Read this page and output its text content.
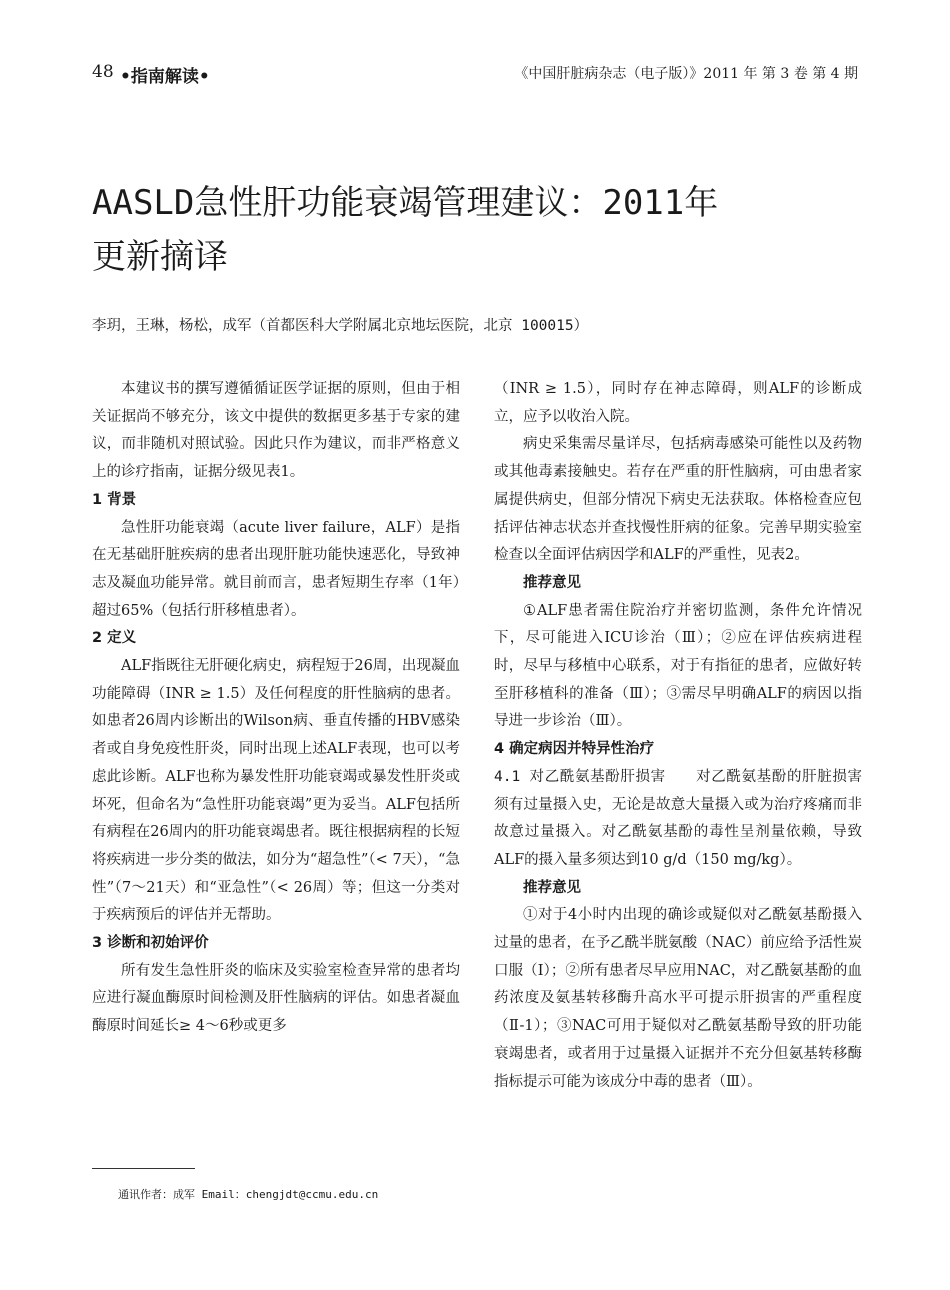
48 •指南解读•	《中国肝脏病杂志（电子版）》2011 年 第 3 卷 第 4 期
AASLD急性肝功能衰竭管理建议：2011年更新摘译
李玥，王琳，杨松，成军（首都医科大学附属北京地坛医院，北京 100015）

本建议书的撰写遵循循证医学证据的原则，但由于相关证据尚不够充分，该文中提供的数据更多基于专家的建议，而非随机对照试验。因此只作为建议，而非严格意义上的诊疗指南，证据分级见表1。

1 背景

急性肝功能衰竭（acute liver failure，ALF）是指在无基础肝脏疾病的患者出现肝脏功能快速恶化，导致神志及凝血功能异常。就目前而言，患者短期生存率（1年）超过65%（包括行肝移植患者）。

2 定义

ALF指既往无肝硬化病史，病程短于26周，出现凝血功能障碍（INR ≥ 1.5）及任何程度的肝性脑病的患者。如患者26周内诊断出的Wilson病、垂直传播的HBV感染者或自身免疫性肝炎，同时出现上述ALF表现，也可以考虑此诊断。ALF也称为暴发性肝功能衰竭或暴发性肝炎或坏死，但命名为“急性肝功能衰竭”更为妥当。ALF包括所有病程在26周内的肝功能衰竭患者。既往根据病程的长短将疾病进一步分类的做法，如分为“超急性”（< 7天），“急性”（7～21天）和“亚急性”（< 26周）等；但这一分类对于疾病预后的评估并无帮助。

3 诊断和初始评价

所有发生急性肝炎的临床及实验室检查异常的患者均应进行凝血酶原时间检测及肝性脑病的评估。如患者凝血酶原时间延长≥ 4～6秒或更多

（INR ≥ 1.5），同时存在神志障碍，则ALF的诊断成立，应予以收治入院。

病史采集需尽量详尽，包括病毒感染可能性以及药物或其他毒素接触史。若存在严重的肝性脑病，可由患者家属提供病史，但部分情况下病史无法获取。体格检查应包括评估神志状态并查找慢性肝病的征象。完善早期实验室检查以全面评估病因学和ALF的严重性，见表2。

推荐意见

①ALF患者需住院治疗并密切监测，条件允许情况下，尽可能进入ICU诊治（Ⅲ）；②应在评估疾病进程时，尽早与移植中心联系，对于有指征的患者，应做好转至肝移植科的准备（Ⅲ）；③需尽早明确ALF的病因以指导进一步诊治（Ⅲ）。

4 确定病因并特异性治疗

4.1 对乙酰氨基酚肝损害　　 对乙酰氨基酚的肝脏损害须有过量摄入史，无论是故意大量摄入或为治疗疼痛而非故意过量摄入。对乙酰氨基酚的毒性呈剂量依赖，导致ALF的摄入量多须达到10 g/d（150 mg/kg）。

推荐意见

①对于4小时内出现的确诊或疑似对乙酰氨基酚摄入过量的患者，在予乙酰半胱氨酸（NAC）前应给予活性炭口服（Ⅰ）；②所有患者尽早应用NAC，对乙酰氨基酚的血药浓度及氨基转移酶升高水平可提示肝损害的严重程度（Ⅱ-1）；③NAC可用于疑似对乙酰氨基酚导致的肝功能衰竭患者，或者用于过量摄入证据并不充分但氨基转移酶指标提示可能为该成分中毒的患者（Ⅲ）。

通讯作者：成军 Email：chengjdt@ccmu.edu.cn
